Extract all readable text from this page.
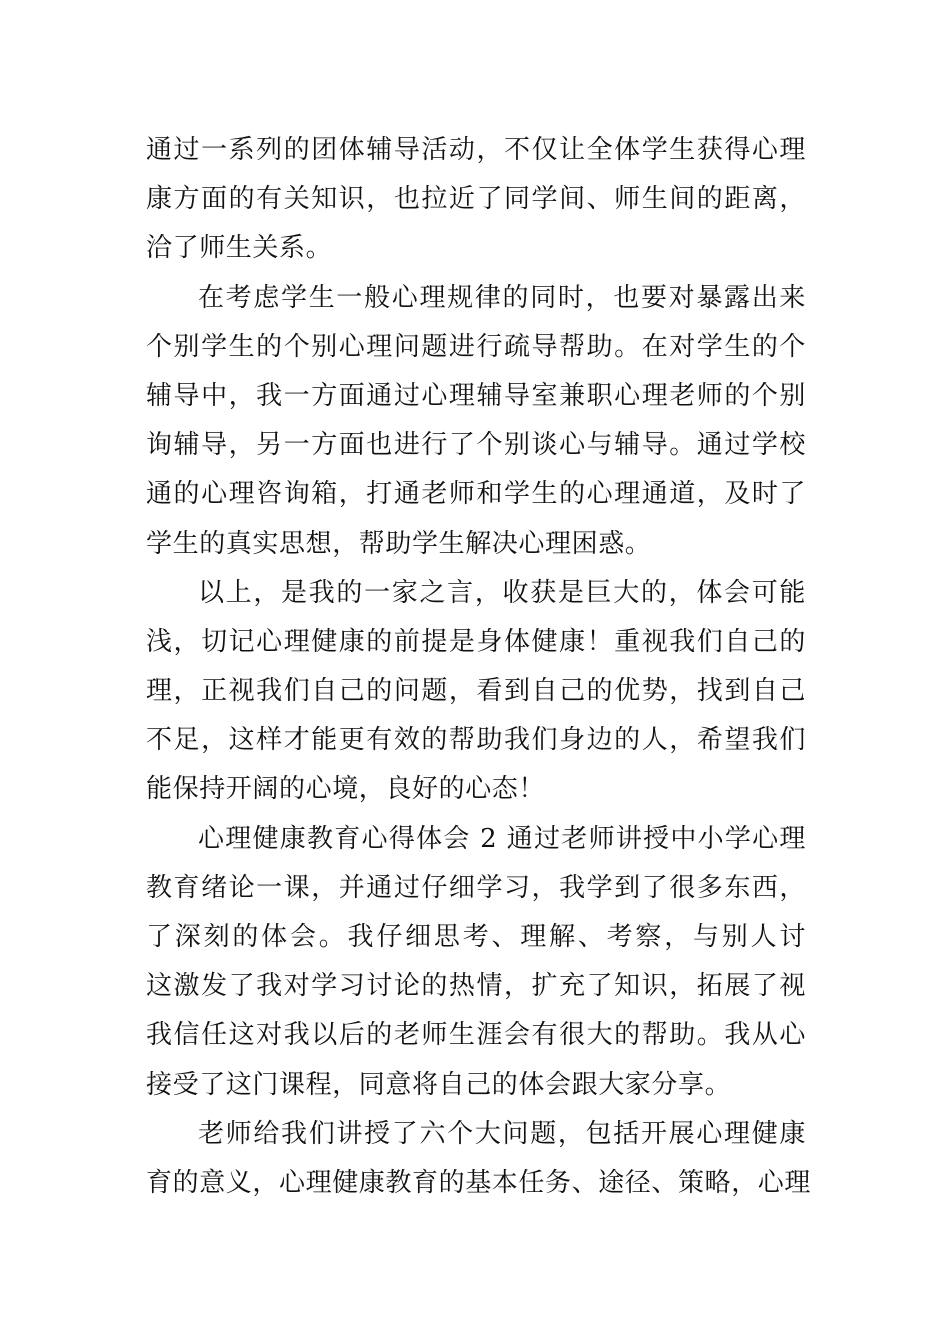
通过一系列的团体辅导活动，不仅让全体学生获得心理
康方面的有关知识，也拉近了同学间、师生间的距离，
洽了师生关系。
在考虑学生一般心理规律的同时，也要对暴露出来
个别学生的个别心理问题进行疏导帮助。在对学生的个
辅导中，我一方面通过心理辅导室兼职心理老师的个别
询辅导，另一方面也进行了个别谈心与辅导。通过学校
通的心理咨询箱，打通老师和学生的心理通道，及时了
学生的真实思想，帮助学生解决心理困惑。
以上，是我的一家之言，收获是巨大的，体会可能
浅，切记心理健康的前提是身体健康！重视我们自己的
理，正视我们自己的问题，看到自己的优势，找到自己
不足，这样才能更有效的帮助我们身边的人，希望我们
能保持开阔的心境，良好的心态！
心理健康教育心得体会 2 通过老师讲授中小学心理
教育绪论一课，并通过仔细学习，我学到了很多东西，
了深刻的体会。我仔细思考、理解、考察，与别人讨
这激发了我对学习讨论的热情，扩充了知识，拓展了视
我信任这对我以后的老师生涯会有很大的帮助。我从心
接受了这门课程，同意将自己的体会跟大家分享。
老师给我们讲授了六个大问题，包括开展心理健康
育的意义，心理健康教育的基本任务、途径、策略，心理
